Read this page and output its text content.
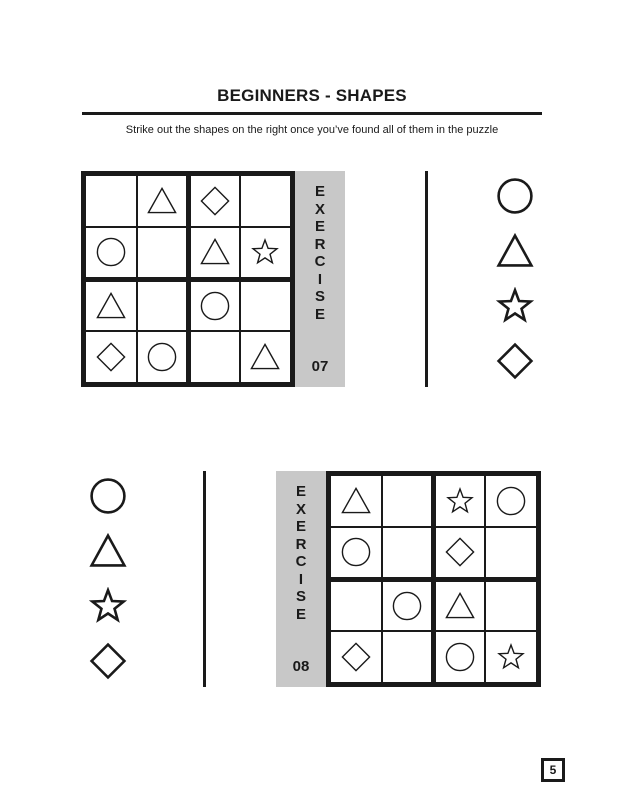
BEGINNERS - SHAPES
Strike out the shapes on the right once you’ve found all of them in the puzzle
E
X
E
R
C
I
S
E
07
E
X
E
R
C
I
S
E
08
5
